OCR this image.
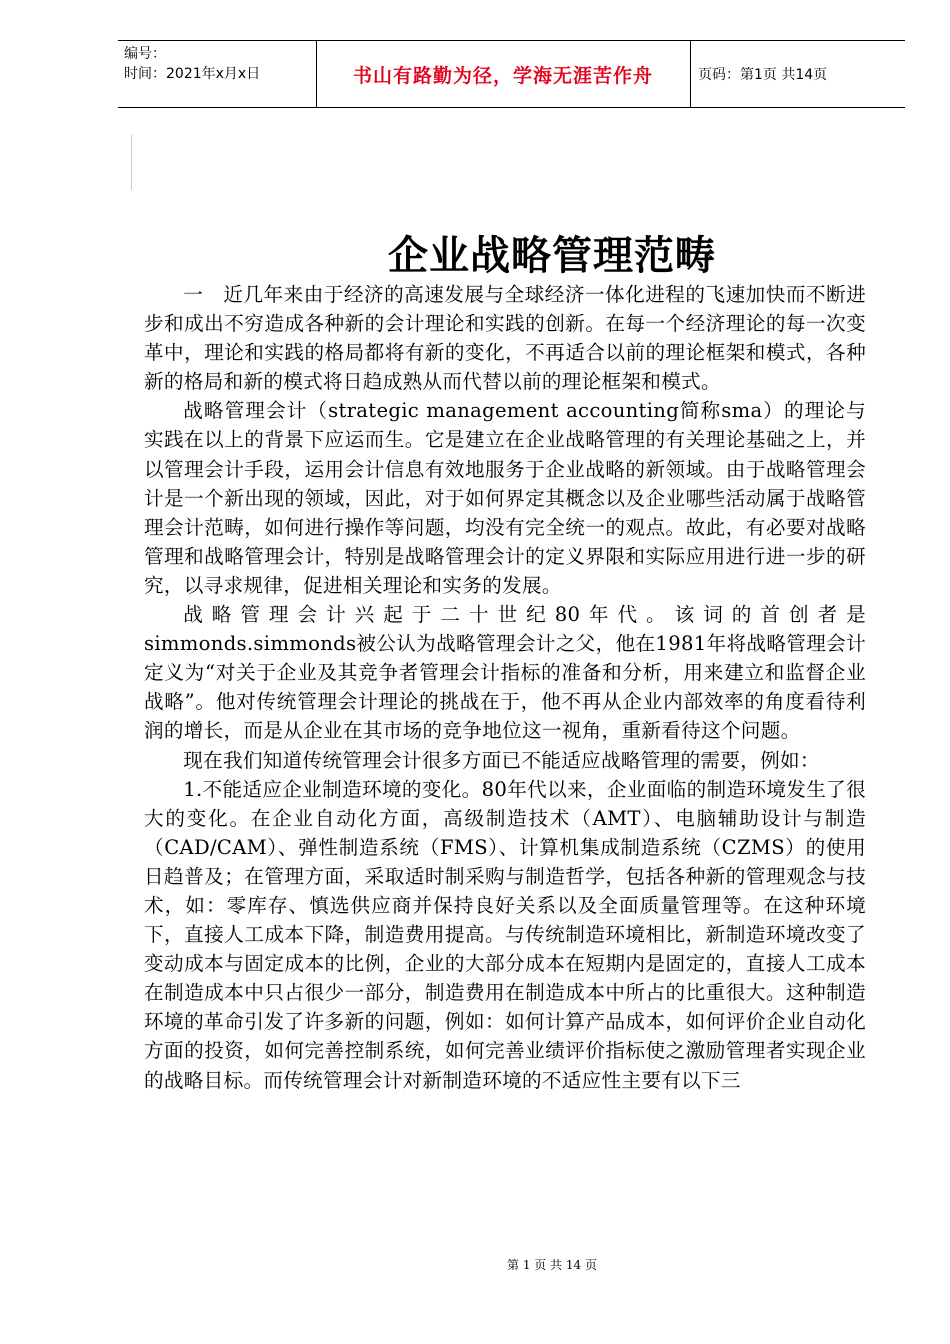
编号：
时间：2021年x月x日	书山有路勤为径，学海无涯苦作舟	页码：第1页 共14页
企业战略管理范畴

一　近几年来由于经济的高速发展与全球经济一体化进程的飞速加快而不断进步和成出不穷造成各种新的会计理论和实践的创新。在每一个经济理论的每一次变革中，理论和实践的格局都将有新的变化，不再适合以前的理论框架和模式，各种新的格局和新的模式将日趋成熟从而代替以前的理论框架和模式。

战略管理会计（strategic management accounting简称sma）的理论与实践在以上的背景下应运而生。它是建立在企业战略管理的有关理论基础之上，并以管理会计手段，运用会计信息有效地服务于企业战略的新领域。由于战略管理会计是一个新出现的领域，因此，对于如何界定其概念以及企业哪些活动属于战略管理会计范畴，如何进行操作等问题，均没有完全统一的观点。故此，有必要对战略管理和战略管理会计，特别是战略管理会计的定义界限和实际应用进行进一步的研究，以寻求规律，促进相关理论和实务的发展。

战略管理会计兴起于二十世纪80年代。该词的首创者是simmonds.simmonds被公认为战略管理会计之父，他在1981年将战略管理会计定义为“对关于企业及其竞争者管理会计指标的准备和分析，用来建立和监督企业战略”。他对传统管理会计理论的挑战在于，他不再从企业内部效率的角度看待利润的增长，而是从企业在其市场的竞争地位这一视角，重新看待这个问题。

现在我们知道传统管理会计很多方面已不能适应战略管理的需要，例如：

1.不能适应企业制造环境的变化。80年代以来，企业面临的制造环境发生了很大的变化。在企业自动化方面，高级制造技术（AMT）、电脑辅助设计与制造（CAD/CAM）、弹性制造系统（FMS）、计算机集成制造系统（CZMS）的使用日趋普及；在管理方面，采取适时制采购与制造哲学，包括各种新的管理观念与技术，如：零库存、慎选供应商并保持良好关系以及全面质量管理等。在这种环境下，直接人工成本下降，制造费用提高。与传统制造环境相比，新制造环境改变了变动成本与固定成本的比例，企业的大部分成本在短期内是固定的，直接人工成本在制造成本中只占很少一部分，制造费用在制造成本中所占的比重很大。这种制造环境的革命引发了许多新的问题，例如：如何计算产品成本，如何评价企业自动化方面的投资，如何完善控制系统，如何完善业绩评价指标使之激励管理者实现企业的战略目标。而传统管理会计对新制造环境的不适应性主要有以下三

第 1 页 共 14 页
